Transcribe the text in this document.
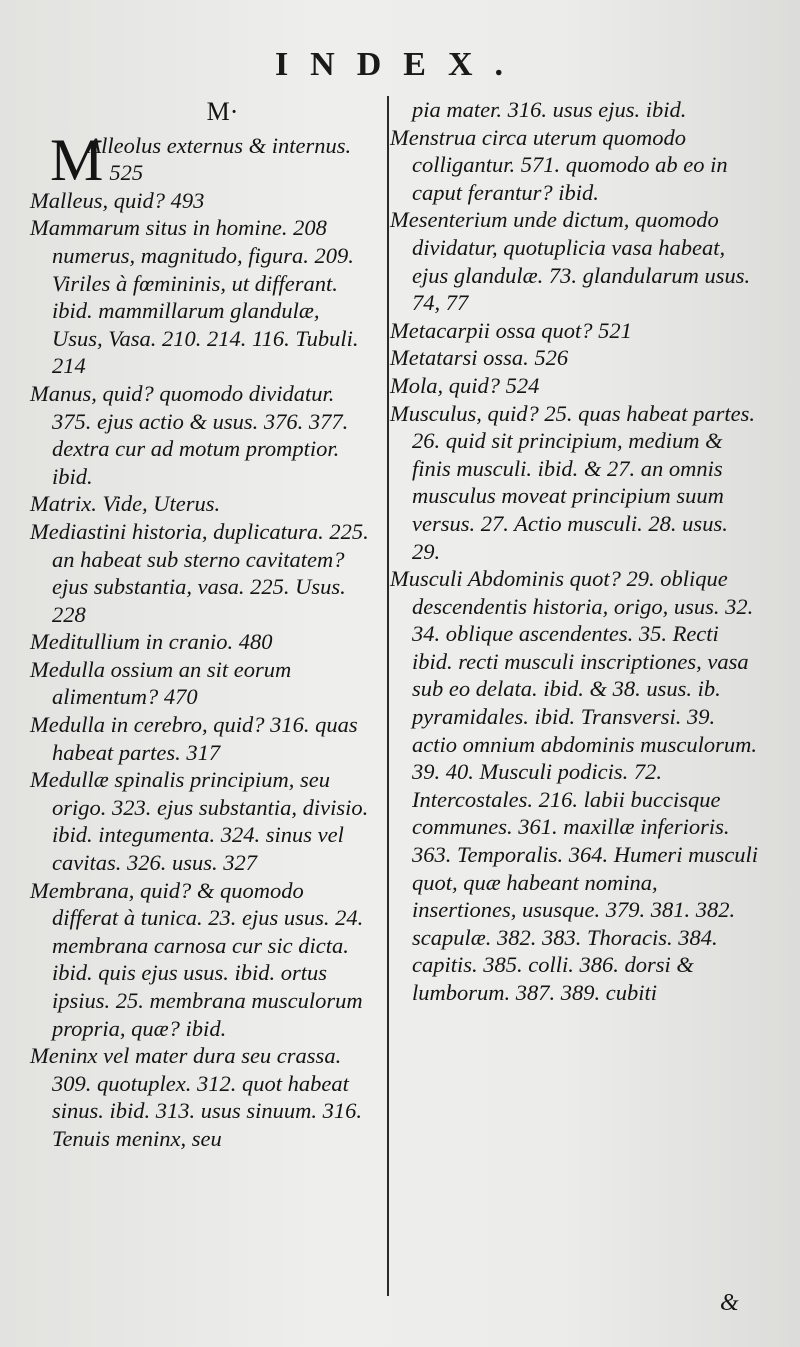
INDEX.
M·
M
Alleolus externus & internus. 525
Malleus, quid? 493
Mammarum situs in homine. 208 numerus, magnitudo, figura. 209. Viriles à fœmininis, ut differant. ibid. mammillarum glandulæ, Usus, Vasa. 210. 214. 116. Tubuli. 214
Manus, quid? quomodo dividatur. 375. ejus actio & usus. 376. 377. dextra cur ad motum promptior. ibid.
Matrix. Vide, Uterus.
Mediastini historia, duplicatura. 225. an habeat sub sterno cavitatem? ejus substantia, vasa. 225. Usus. 228
Meditullium in cranio. 480
Medulla ossium an sit eorum alimentum? 470
Medulla in cerebro, quid? 316. quas habeat partes. 317
Medullæ spinalis principium, seu origo. 323. ejus substantia, divisio. ibid. integumenta. 324. sinus vel cavitas. 326. usus. 327
Membrana, quid? & quomodo differat à tunica. 23. ejus usus. 24. membrana carnosa cur sic dicta. ibid. quis ejus usus. ibid. ortus ipsius. 25. membrana musculorum propria, quæ? ibid.
Meninx vel mater dura seu crassa. 309. quotuplex. 312. quot habeat sinus. ibid. 313. usus sinuum. 316. Tenuis meninx, seu
pia mater. 316. usus ejus. ibid.
Menstrua circa uterum quomodo colligantur. 571. quomodo ab eo in caput ferantur? ibid.
Mesenterium unde dictum, quomodo dividatur, quotuplicia vasa habeat, ejus glandulæ. 73. glandularum usus. 74, 77
Metacarpii ossa quot? 521
Metatarsi ossa. 526
Mola, quid? 524
Musculus, quid? 25. quas habeat partes. 26. quid sit principium, medium & finis musculi. ibid. & 27. an omnis musculus moveat principium suum versus. 27. Actio musculi. 28. usus. 29.
Musculi Abdominis quot? 29. oblique descendentis historia, origo, usus. 32. 34. oblique ascendentes. 35. Recti ibid. recti musculi inscriptiones, vasa sub eo delata. ibid. & 38. usus. ib. pyramidales. ibid. Transversi. 39. actio omnium abdominis musculorum. 39. 40. Musculi podicis. 72. Intercostales. 216. labii buccisque communes. 361. maxillæ inferioris. 363. Temporalis. 364. Humeri musculi quot, quæ habeant nomina, insertiones, ususque. 379. 381. 382. scapulæ. 382. 383. Thoracis. 384. capitis. 385. colli. 386. dorsi & lumborum. 387. 389. cubiti
&
